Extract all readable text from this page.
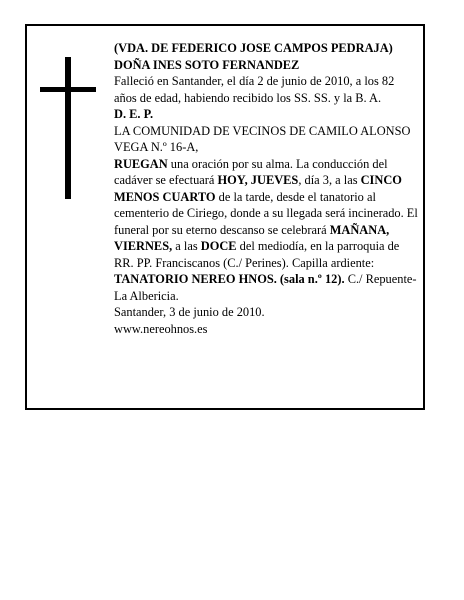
(VDA. DE FEDERICO JOSE CAMPOS PEDRAJA)

DOÑA INES SOTO FERNANDEZ

Falleció en Santander, el día 2 de junio de 2010, a los 82 años de edad, habiendo recibido los SS. SS. y la B. A.

D. E. P.

LA COMUNIDAD DE VECINOS DE CAMILO ALONSO VEGA N.º 16-A,

RUEGAN una oración por su alma. La conducción del cadáver se efectuará HOY, JUEVES, día 3, a las CINCO MENOS CUARTO de la tarde, desde el tanatorio al cementerio de Ciriego, donde a su llegada será incinerado. El funeral por su eterno descanso se celebrará MAÑANA, VIERNES, a las DOCE del mediodía, en la parroquia de RR. PP. Franciscanos (C./ Perines). Capilla ardiente: TANATORIO NEREO HNOS. (sala n.º 12). C./ Repuente-La Albericia.

Santander, 3 de junio de 2010.

www.nereohnos.es
